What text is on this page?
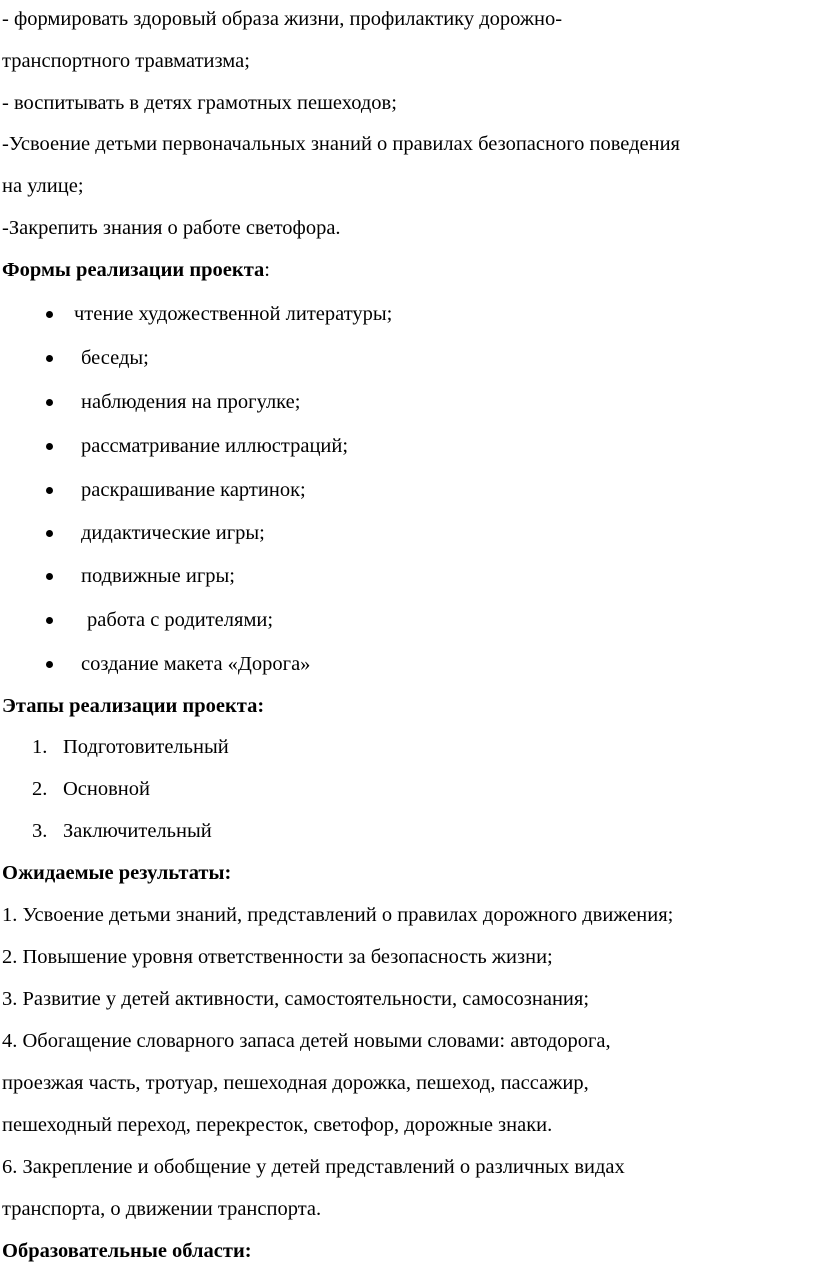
- формировать здоровый образа жизни, профилактику дорожно-
транспортного травматизма;
- воспитывать в детях грамотных пешеходов;
-Усвоение детьми первоначальных знаний о правилах безопасного поведения
на улице;
-Закрепить знания о работе светофора.
Формы реализации проекта:
чтение художественной литературы;
беседы;
наблюдения на прогулке;
рассматривание иллюстраций;
раскрашивание картинок;
дидактические игры;
подвижные игры;
работа с родителями;
создание макета «Дорога»
Этапы реализации проекта:
1. Подготовительный
2. Основной
3. Заключительный
Ожидаемые результаты:
1. Усвоение детьми знаний, представлений о правилах дорожного движения;
2. Повышение уровня ответственности за безопасность жизни;
3. Развитие у детей активности, самостоятельности, самосознания;
4. Обогащение словарного запаса детей новыми словами: автодорога,
проезжая часть, тротуар, пешеходная дорожка, пешеход, пассажир,
пешеходный переход, перекресток, светофор, дорожные знаки.
6. Закрепление и обобщение у детей представлений о различных видах
транспорта, о движении транспорта.
Образовательные области:
